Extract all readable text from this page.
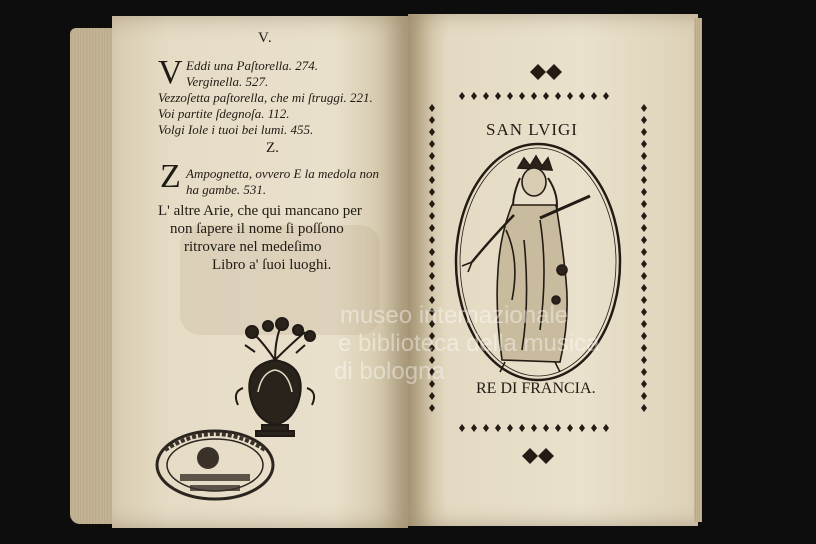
V.
V Eddi una Paſtorella. 274.
Verginella. 527.
Vezzoſetta paſtorella, che mi ſtruggi. 221.
Voi partite ſdegnoſa. 112.
Volgi Iole i tuoi bei lumi. 455.
Z.
Z Ampognetta, ovvero E la medola non
ha gambe. 531.
L' altre Arie, che qui mancano per
non ſapere il nome ſi poſſono
ritrovare nel medeſimo
Libro a' ſuoi luoghi.
SAN LVIGI
RE DI FRANCIA.
museo internazionale
e biblioteca della musica
di bologna
